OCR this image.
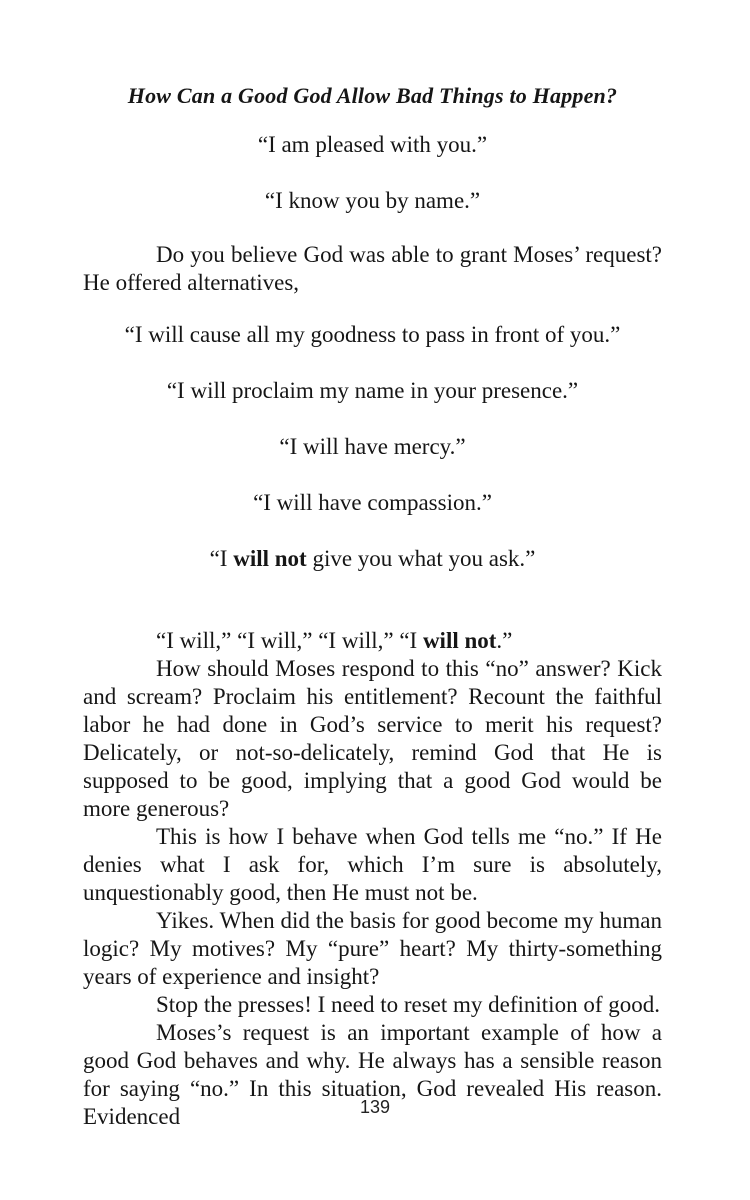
How Can a Good God Allow Bad Things to Happen?

“I am pleased with you.”

“I know you by name.”

Do you believe God was able to grant Moses’ request? He offered alternatives,

“I will cause all my goodness to pass in front of you.”

“I will proclaim my name in your presence.”

“I will have mercy.”

“I will have compassion.”

“I will not give you what you ask.”

“I will,” “I will,” “I will,” “I will not.”

How should Moses respond to this “no” answer? Kick and scream? Proclaim his entitlement? Recount the faithful labor he had done in God’s service to merit his request? Delicately, or not-so-delicately, remind God that He is supposed to be good, implying that a good God would be more generous?

This is how I behave when God tells me “no.” If He denies what I ask for, which I’m sure is absolutely, unquestionably good, then He must not be.

Yikes. When did the basis for good become my human logic? My motives? My “pure” heart? My thirty-something years of experience and insight?

Stop the presses! I need to reset my definition of good.

Moses’s request is an important example of how a good God behaves and why. He always has a sensible reason for saying “no.” In this situation, God revealed His reason. Evidenced	139
